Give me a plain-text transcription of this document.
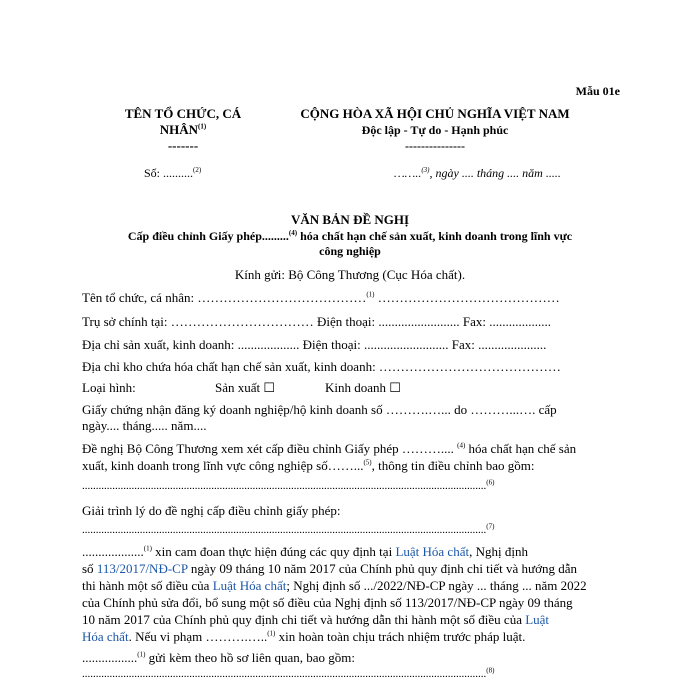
Mẫu 01e
TÊN TỔ CHỨC, CÁ
NHÂN$^{(1)}$
-------
CỘNG HÒA XÃ HỘI CHỦ NGHĨA VIỆT NAM
Độc lập - Tự do - Hạnh phúc
---------------
Số: ..........$^{(2)}$	……..$^{(3)}$, ngày .... tháng .... năm .....
VĂN BẢN ĐỀ NGHỊ
Cấp điều chỉnh Giấy phép.........$^{(4)}$ hóa chất hạn chế sản xuất, kinh doanh trong lĩnh vực
công nghiệp
Kính gửi: Bộ Công Thương (Cục Hóa chất).
Tên tổ chức, cá nhân: …………………………………$^{(1)}$ ……………………………………
Trụ sở chính tại: …………………………… Điện thoại: ......................... Fax: ...................
Địa chỉ sản xuất, kinh doanh: ................... Điện thoại: .......................... Fax: .....................
Địa chỉ kho chứa hóa chất hạn chế sản xuất, kinh doanh: ……………………………………
Loại hình:	Sản xuất ☐	Kinh doanh ☐
Giấy chứng nhận đăng ký doanh nghiệp/hộ kinh doanh số ……….…... do ………...…. cấp
ngày.... tháng..... năm....
Đề nghị Bộ Công Thương xem xét cấp điều chỉnh Giấy phép ……….... $^{(4)}$ hóa chất hạn chế sản
xuất, kinh doanh trong lĩnh vực công nghiệp số……...$^{(5)}$, thông tin điều chỉnh bao gồm:
...................................................................................................................................................$^{(6)}$
Giải trình lý do đề nghị cấp điều chỉnh giấy phép:
...................................................................................................................................................$^{(7)}$
...................$^{(1)}$ xin cam đoan thực hiện đúng các quy định tại Luật Hóa chất, Nghị định
số 113/2017/NĐ-CP ngày 09 tháng 10 năm 2017 của Chính phủ quy định chi tiết và hướng dẫn
thi hành một số điều của Luật Hóa chất; Nghị định số .../2022/NĐ-CP ngày ... tháng ... năm 2022
của Chính phủ sửa đổi, bổ sung một số điều của Nghị định số 113/2017/NĐ-CP ngày 09 tháng
10 năm 2017 của Chính phủ quy định chi tiết và hướng dẫn thi hành một số điều của Luật
Hóa chất. Nếu vi phạm ……….…..$^{(1)}$ xin hoàn toàn chịu trách nhiệm trước pháp luật.
.................$^{(1)}$ gửi kèm theo hồ sơ liên quan, bao gồm:
...................................................................................................................................................$^{(8)}$
